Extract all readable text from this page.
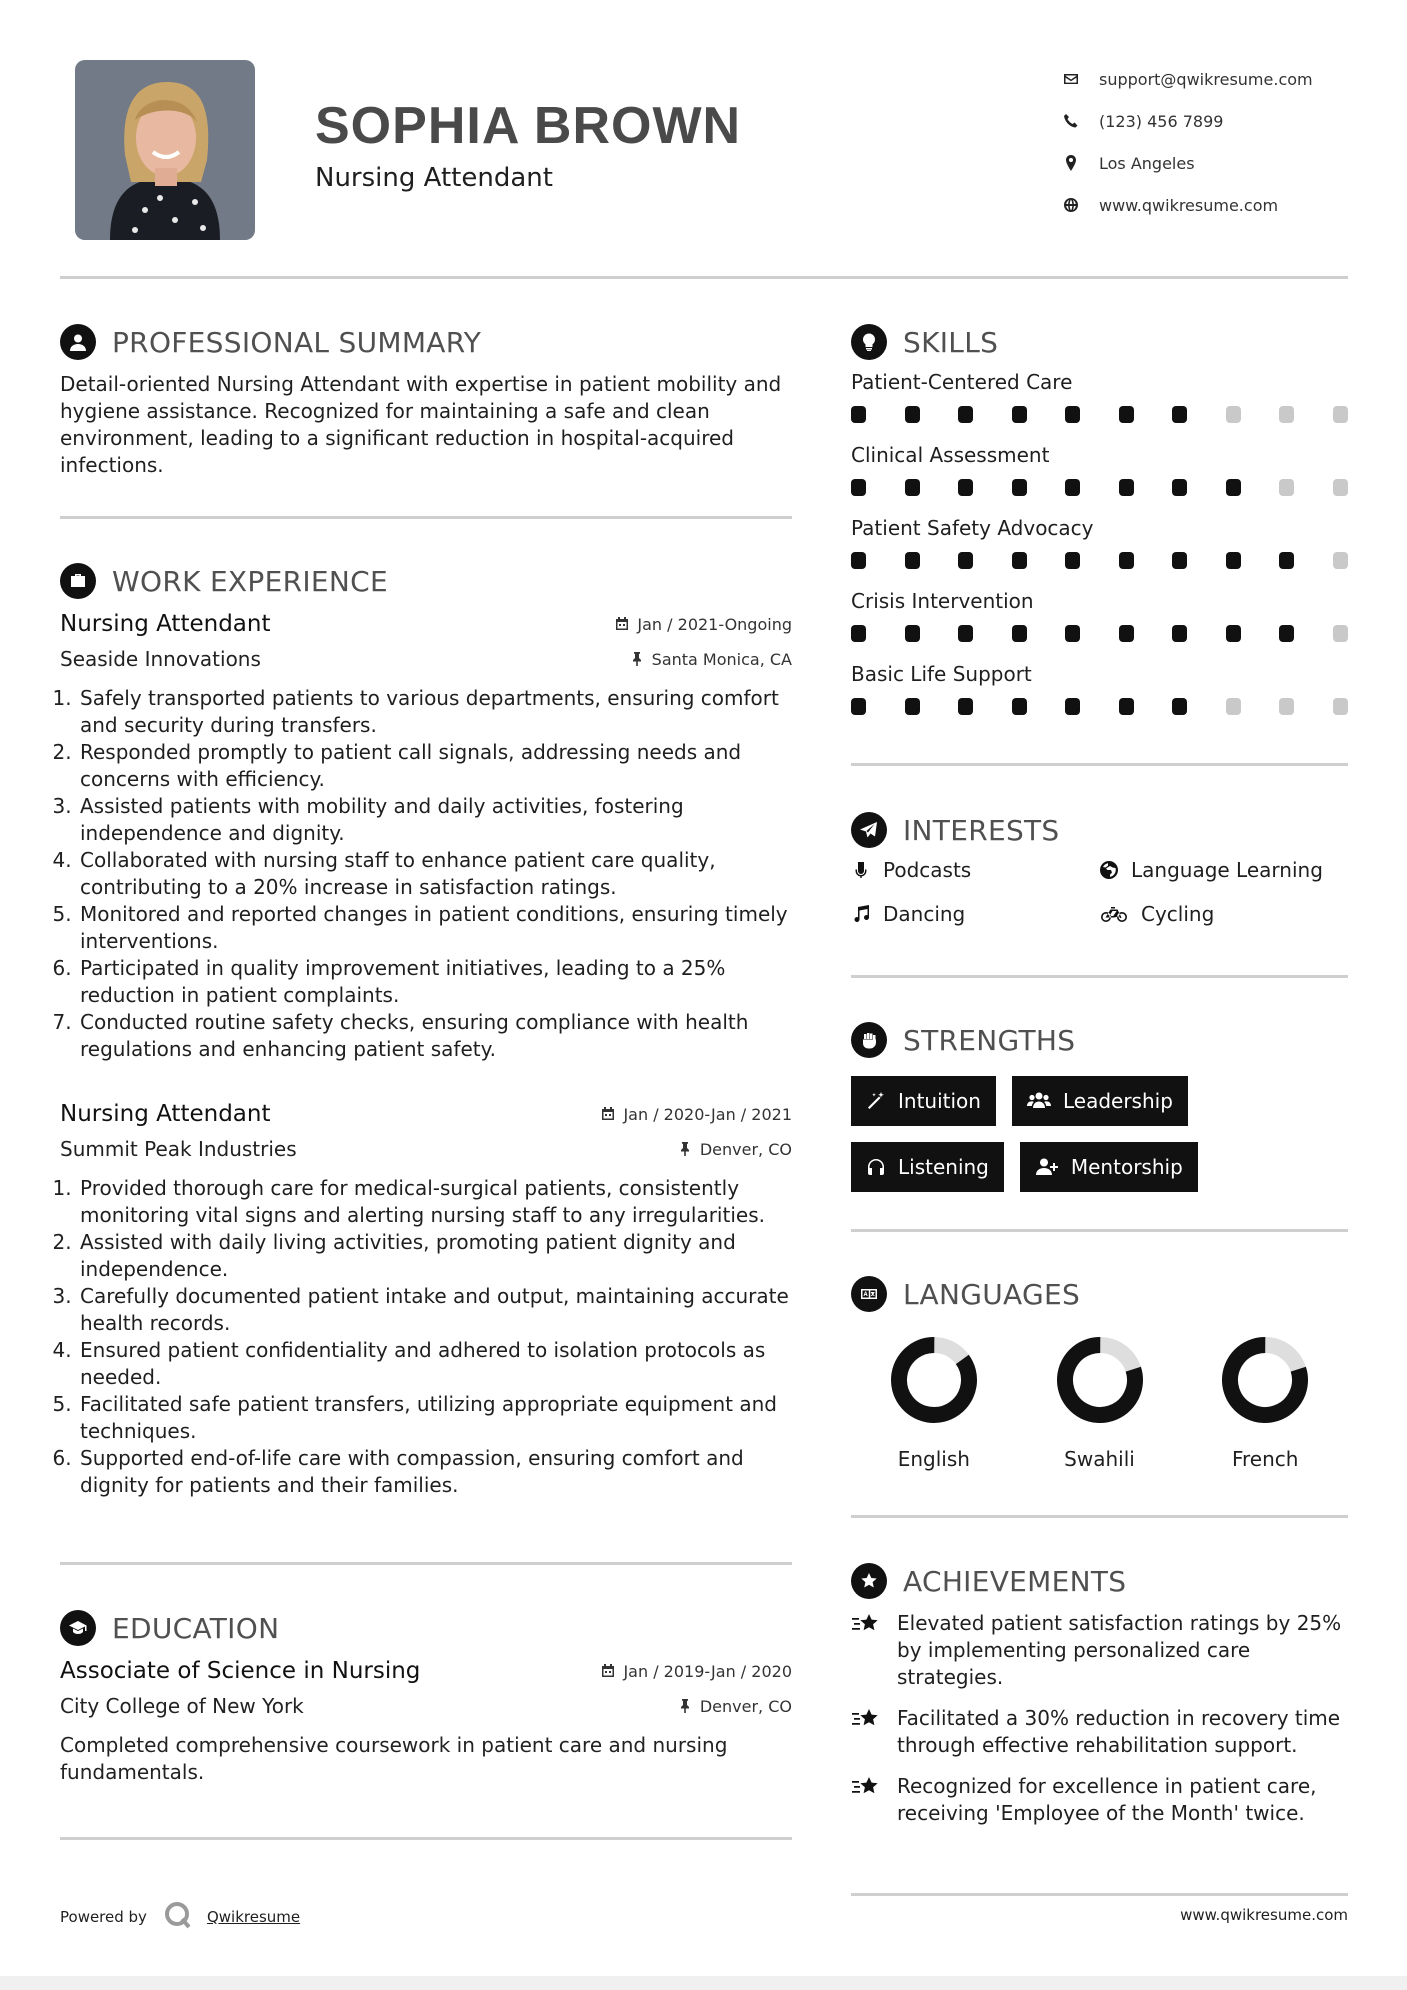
SOPHIA BROWN
Nursing Attendant
support@qwikresume.com
(123) 456 7899
Los Angeles
www.qwikresume.com
PROFESSIONAL SUMMARY
Detail-oriented Nursing Attendant with expertise in patient mobility and hygiene assistance. Recognized for maintaining a safe and clean environment, leading to a significant reduction in hospital-acquired infections.
WORK EXPERIENCE
Nursing Attendant	Jan / 2021-Ongoing
Seaside Innovations	Santa Monica, CA
1. Safely transported patients to various departments, ensuring comfort and security during transfers.
2. Responded promptly to patient call signals, addressing needs and concerns with efficiency.
3. Assisted patients with mobility and daily activities, fostering independence and dignity.
4. Collaborated with nursing staff to enhance patient care quality, contributing to a 20% increase in satisfaction ratings.
5. Monitored and reported changes in patient conditions, ensuring timely interventions.
6. Participated in quality improvement initiatives, leading to a 25% reduction in patient complaints.
7. Conducted routine safety checks, ensuring compliance with health regulations and enhancing patient safety.
Nursing Attendant	Jan / 2020-Jan / 2021
Summit Peak Industries	Denver, CO
1. Provided thorough care for medical-surgical patients, consistently monitoring vital signs and alerting nursing staff to any irregularities.
2. Assisted with daily living activities, promoting patient dignity and independence.
3. Carefully documented patient intake and output, maintaining accurate health records.
4. Ensured patient confidentiality and adhered to isolation protocols as needed.
5. Facilitated safe patient transfers, utilizing appropriate equipment and techniques.
6. Supported end-of-life care with compassion, ensuring comfort and dignity for patients and their families.
EDUCATION
Associate of Science in Nursing	Jan / 2019-Jan / 2020
City College of New York	Denver, CO
Completed comprehensive coursework in patient care and nursing fundamentals.
SKILLS
Patient-Centered Care
Clinical Assessment
Patient Safety Advocacy
Crisis Intervention
Basic Life Support
INTERESTS
Podcasts	Language Learning
Dancing	Cycling
STRENGTHS
Intuition	Leadership
Listening	Mentorship
LANGUAGES
English	Swahili	French
ACHIEVEMENTS
Elevated patient satisfaction ratings by 25% by implementing personalized care strategies.
Facilitated a 30% reduction in recovery time through effective rehabilitation support.
Recognized for excellence in patient care, receiving 'Employee of the Month' twice.
Powered by	Qwikresume	www.qwikresume.com
